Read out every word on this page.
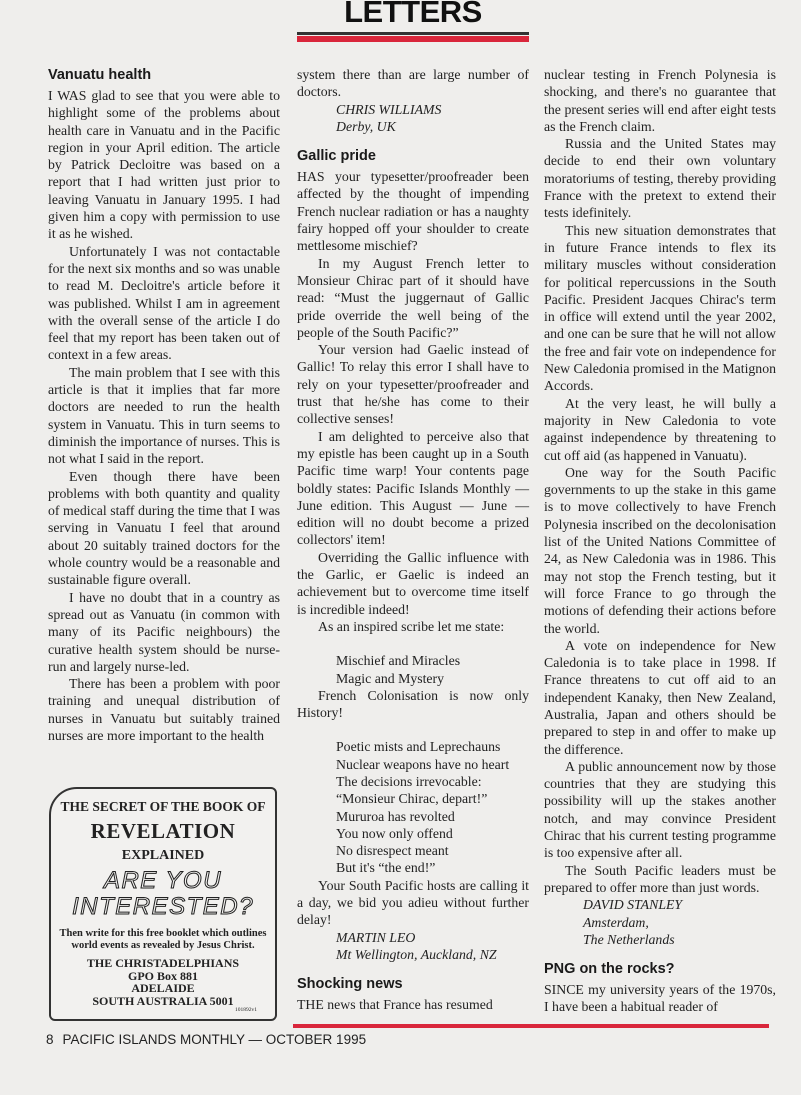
LETTERS
Vanuatu health

I WAS glad to see that you were able to highlight some of the problems about health care in Vanuatu and in the Pacific region in your April edition. The article by Patrick Decloitre was based on a report that I had written just prior to leaving Vanuatu in January 1995. I had given him a copy with permission to use it as he wished.

Unfortunately I was not contactable for the next six months and so was unable to read M. Decloitre's article before it was published. Whilst I am in agreement with the overall sense of the article I do feel that my report has been taken out of context in a few areas.

The main problem that I see with this article is that it implies that far more doctors are needed to run the health system in Vanuatu. This in turn seems to diminish the importance of nurses. This is not what I said in the report.

Even though there have been problems with both quantity and quality of medical staff during the time that I was serving in Vanuatu I feel that around about 20 suitably trained doctors for the whole country would be a reasonable and sustainable figure overall.

I have no doubt that in a country as spread out as Vanuatu (in common with many of its Pacific neighbours) the curative health system should be nurse-run and largely nurse-led.

There has been a problem with poor training and unequal distribution of nurses in Vanuatu but suitably trained nurses are more important to the health

THE SECRET OF THE BOOK OF
REVELATION
EXPLAINED
ARE YOU
INTERESTED?
Then write for this free booklet which outlines world events as revealed by Jesus Christ.
THE CHRISTADELPHIANS
GPO Box 881
ADELAIDE
SOUTH AUSTRALIA 5001
101892v1

system there than are large number of doctors.

CHRIS WILLIAMS

Derby, UK

Gallic pride

HAS your typesetter/proofreader been affected by the thought of impending French nuclear radiation or has a naughty fairy hopped off your shoulder to create mettlesome mischief?

In my August French letter to Monsieur Chirac part of it should have read: “Must the juggernaut of Gallic pride override the well being of the people of the South Pacific?”

Your version had Gaelic instead of Gallic! To relay this error I shall have to rely on your typesetter/proofreader and trust that he/she has come to their collective senses!

I am delighted to perceive also that my epistle has been caught up in a South Pacific time warp! Your contents page boldly states: Pacific Islands Monthly — June edition. This August — June — edition will no doubt become a prized collectors' item!

Overriding the Gallic influence with the Garlic, er Gaelic is indeed an achievement but to overcome time itself is incredible indeed!

As an inspired scribe let me state:

Mischief and Miracles

Magic and Mystery

French Colonisation is now only History!

Poetic mists and Leprechauns

Nuclear weapons have no heart

The decisions irrevocable:

“Monsieur Chirac, depart!”

Mururoa has revolted

You now only offend

No disrespect meant

But it's “the end!”

Your South Pacific hosts are calling it a day, we bid you adieu without further delay!

MARTIN LEO

Mt Wellington, Auckland, NZ

Shocking news

THE news that France has resumed

nuclear testing in French Polynesia is shocking, and there's no guarantee that the present series will end after eight tests as the French claim.

Russia and the United States may decide to end their own voluntary moratoriums of testing, thereby providing France with the pretext to extend their tests idefinitely.

This new situation demonstrates that in future France intends to flex its military muscles without consideration for political repercussions in the South Pacific. President Jacques Chirac's term in office will extend until the year 2002, and one can be sure that he will not allow the free and fair vote on independence for New Caledonia promised in the Matignon Accords.

At the very least, he will bully a majority in New Caledonia to vote against independence by threatening to cut off aid (as happened in Vanuatu).

One way for the South Pacific governments to up the stake in this game is to move collectively to have French Polynesia inscribed on the decolonisation list of the United Nations Committee of 24, as New Caledonia was in 1986. This may not stop the French testing, but it will force France to go through the motions of defending their actions before the world.

A vote on independence for New Caledonia is to take place in 1998. If France threatens to cut off aid to an independent Kanaky, then New Zealand, Australia, Japan and others should be prepared to step in and offer to make up the difference.

A public announcement now by those countries that they are studying this possibility will up the stakes another notch, and may convince President Chirac that his current testing programme is too expensive after all.

The South Pacific leaders must be prepared to offer more than just words.

DAVID STANLEY

Amsterdam,

The Netherlands

PNG on the rocks?

SINCE my university years of the 1970s, I have been a habitual reader of

8 PACIFIC ISLANDS MONTHLY — OCTOBER 1995
